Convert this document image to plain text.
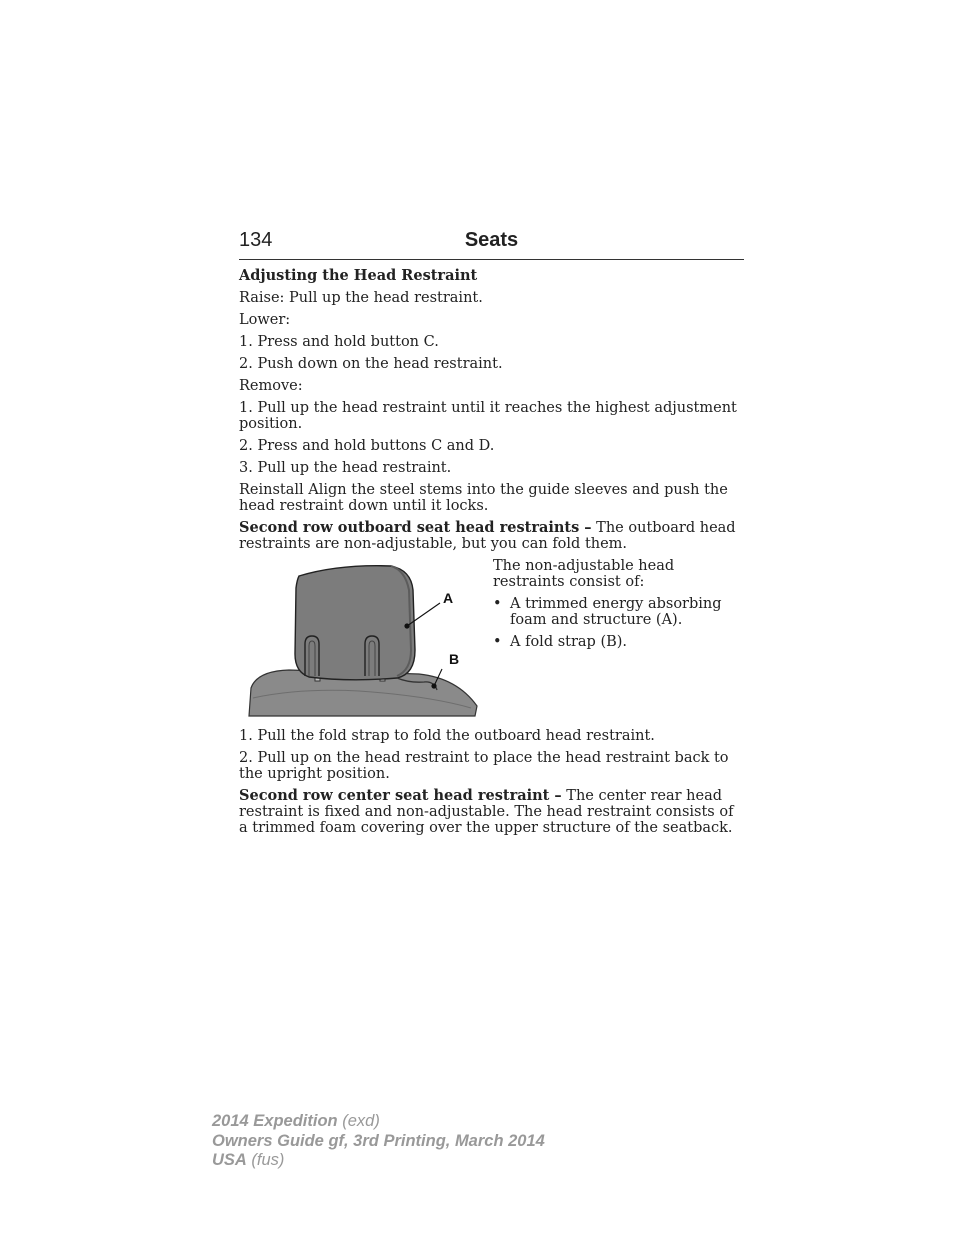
134	Seats

Adjusting the Head Restraint

Raise: Pull up the head restraint.

Lower:

1. Press and hold button C.

2. Push down on the head restraint.

Remove:

1. Pull up the head restraint until it reaches the highest adjustment position.

2. Press and hold buttons C and D.

3. Pull up the head restraint.

Reinstall Align the steel stems into the guide sleeves and push the head restraint down until it locks.

Second row outboard seat head restraints – The outboard head restraints are non-adjustable, but you can fold them.

A
B

The non-adjustable head restraints consist of:

• A trimmed energy absorbing foam and structure (A).
• A fold strap (B).

1. Pull the fold strap to fold the outboard head restraint.

2. Pull up on the head restraint to place the head restraint back to the upright position.

Second row center seat head restraint – The center rear head restraint is fixed and non-adjustable. The head restraint consists of a trimmed foam covering over the upper structure of the seatback.

2014 Expedition (exd)
Owners Guide gf, 3rd Printing, March 2014
USA (fus)
